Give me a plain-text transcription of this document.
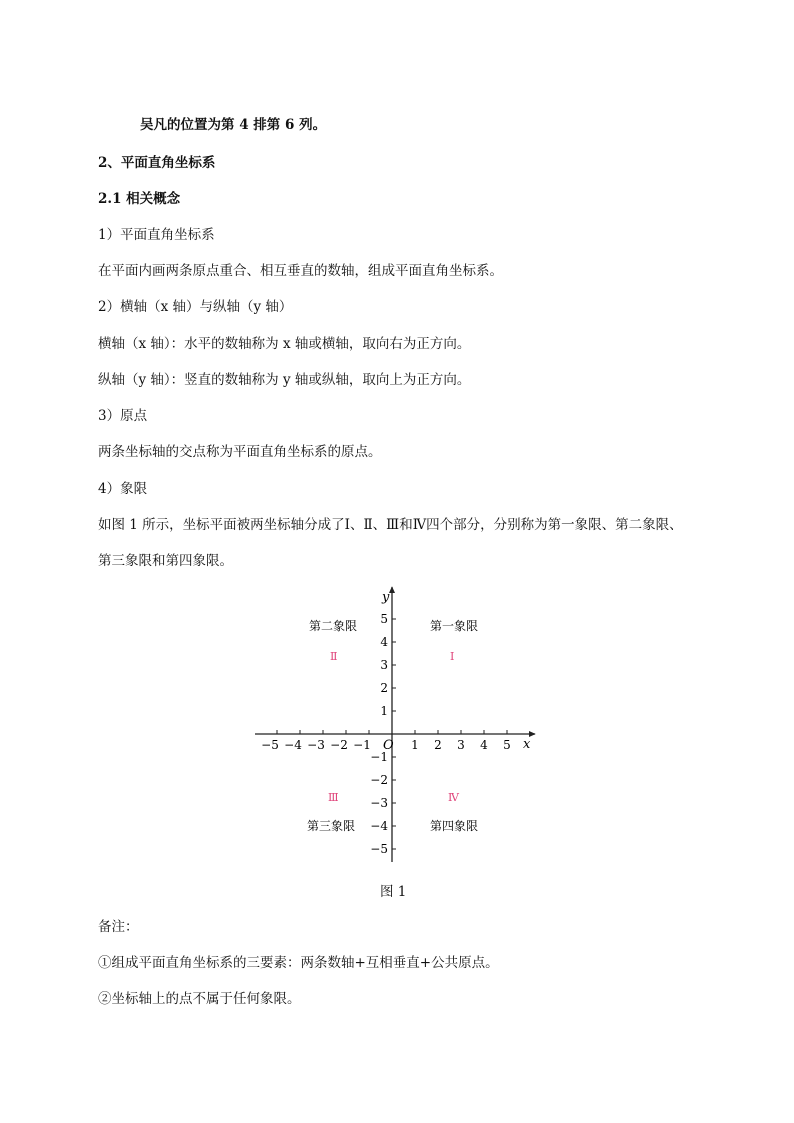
吴凡的位置为第 4 排第 6 列。
2、平面直角坐标系
2.1 相关概念
1）平面直角坐标系
在平面内画两条原点重合、相互垂直的数轴，组成平面直角坐标系。
2）横轴（x 轴）与纵轴（y 轴）
横轴（x 轴）：水平的数轴称为 x 轴或横轴，取向右为正方向。
纵轴（y 轴）：竖直的数轴称为 y 轴或纵轴，取向上为正方向。
3）原点
两条坐标轴的交点称为平面直角坐标系的原点。
4）象限
如图 1 所示，坐标平面被两坐标轴分成了Ⅰ、Ⅱ、Ⅲ和Ⅳ四个部分，分别称为第一象限、第二象限、
第三象限和第四象限。
y
x
O
−5 −4 −3 −2 −1	1 2 3 4 5
5
4
3
2
1
−1
−2
−3
−4
−5
第二象限	第一象限
第三象限	第四象限
Ⅱ	Ⅰ
Ⅲ	Ⅳ
图 1
备注：
①组成平面直角坐标系的三要素：两条数轴+互相垂直+公共原点。
②坐标轴上的点不属于任何象限。
